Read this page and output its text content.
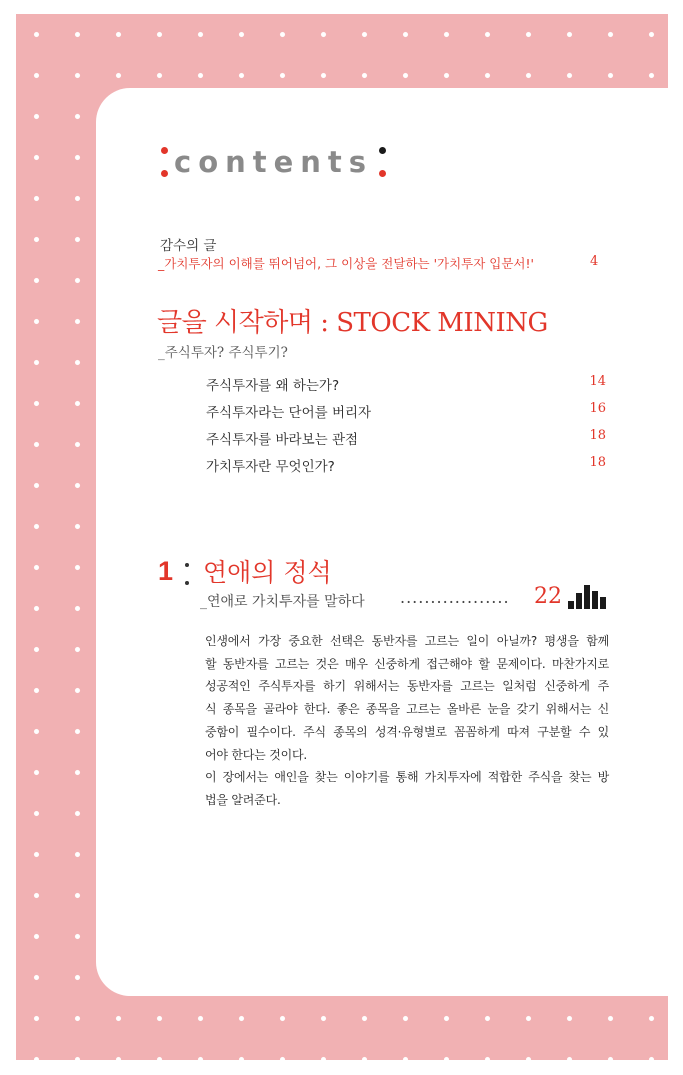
contents
감수의 글
_가치투자의 이해를 뛰어넘어, 그 이상을 전달하는 '가치투자 입문서!'	4
글을 시작하며 : STOCK MINING
_주식투자? 주식투기?
주식투자를 왜 하는가?	14
주식투자라는 단어를 버리자	16
주식투자를 바라보는 관점	18
가치투자란 무엇인가?	18
1 연애의 정석
_연애로 가치투자를 말하다 .................. 22

인생에서 가장 중요한 선택은 동반자를 고르는 일이 아닐까? 평생을 함께

할 동반자를 고르는 것은 매우 신중하게 접근해야 할 문제이다. 마찬가지로

성공적인 주식투자를 하기 위해서는 동반자를 고르는 일처럼 신중하게 주

식 종목을 골라야 한다. 좋은 종목을 고르는 올바른 눈을 갖기 위해서는 신

중함이 필수이다. 주식 종목의 성격·유형별로 꼼꼼하게 따져 구분할 수 있

어야 한다는 것이다.

이 장에서는 애인을 찾는 이야기를 통해 가치투자에 적합한 주식을 찾는 방

법을 알려준다.
